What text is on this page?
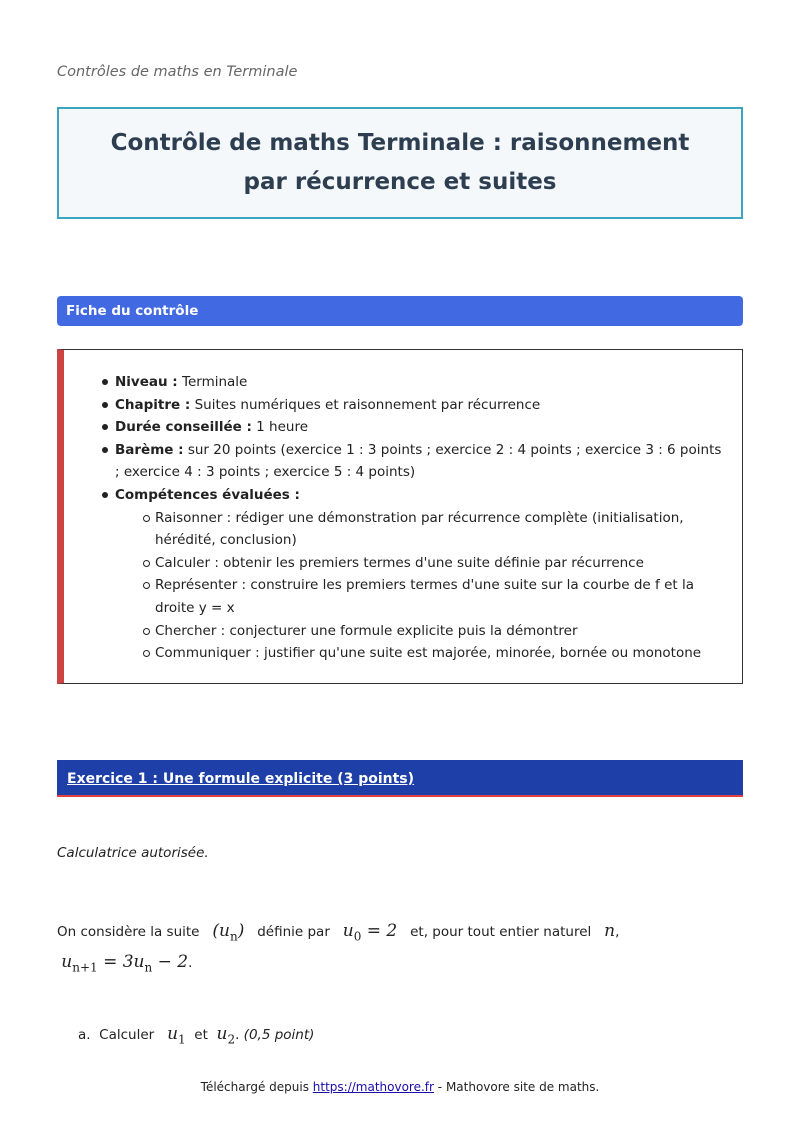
Contrôles de maths en Terminale
Contrôle de maths Terminale : raisonnement par récurrence et suites
Fiche du contrôle
Niveau : Terminale
Chapitre : Suites numériques et raisonnement par récurrence
Durée conseillée : 1 heure
Barème : sur 20 points (exercice 1 : 3 points ; exercice 2 : 4 points ; exercice 3 : 6 points ; exercice 4 : 3 points ; exercice 5 : 4 points)
Compétences évaluées :
Raisonner : rédiger une démonstration par récurrence complète (initialisation, hérédité, conclusion)
Calculer : obtenir les premiers termes d'une suite définie par récurrence
Représenter : construire les premiers termes d'une suite sur la courbe de f et la droite y = x
Chercher : conjecturer une formule explicite puis la démontrer
Communiquer : justifier qu'une suite est majorée, minorée, bornée ou monotone
Exercice 1 : Une formule explicite (3 points)
Calculatrice autorisée.
On considère la suite $(u_n)$ définie par $u_0 = 2$ et, pour tout entier naturel n,
$u_{n+1} = 3u_n - 2$.
a. Calculer $u_1$ et $u_2$. (0,5 point)
Téléchargé depuis https://mathovore.fr - Mathovore site de maths.
